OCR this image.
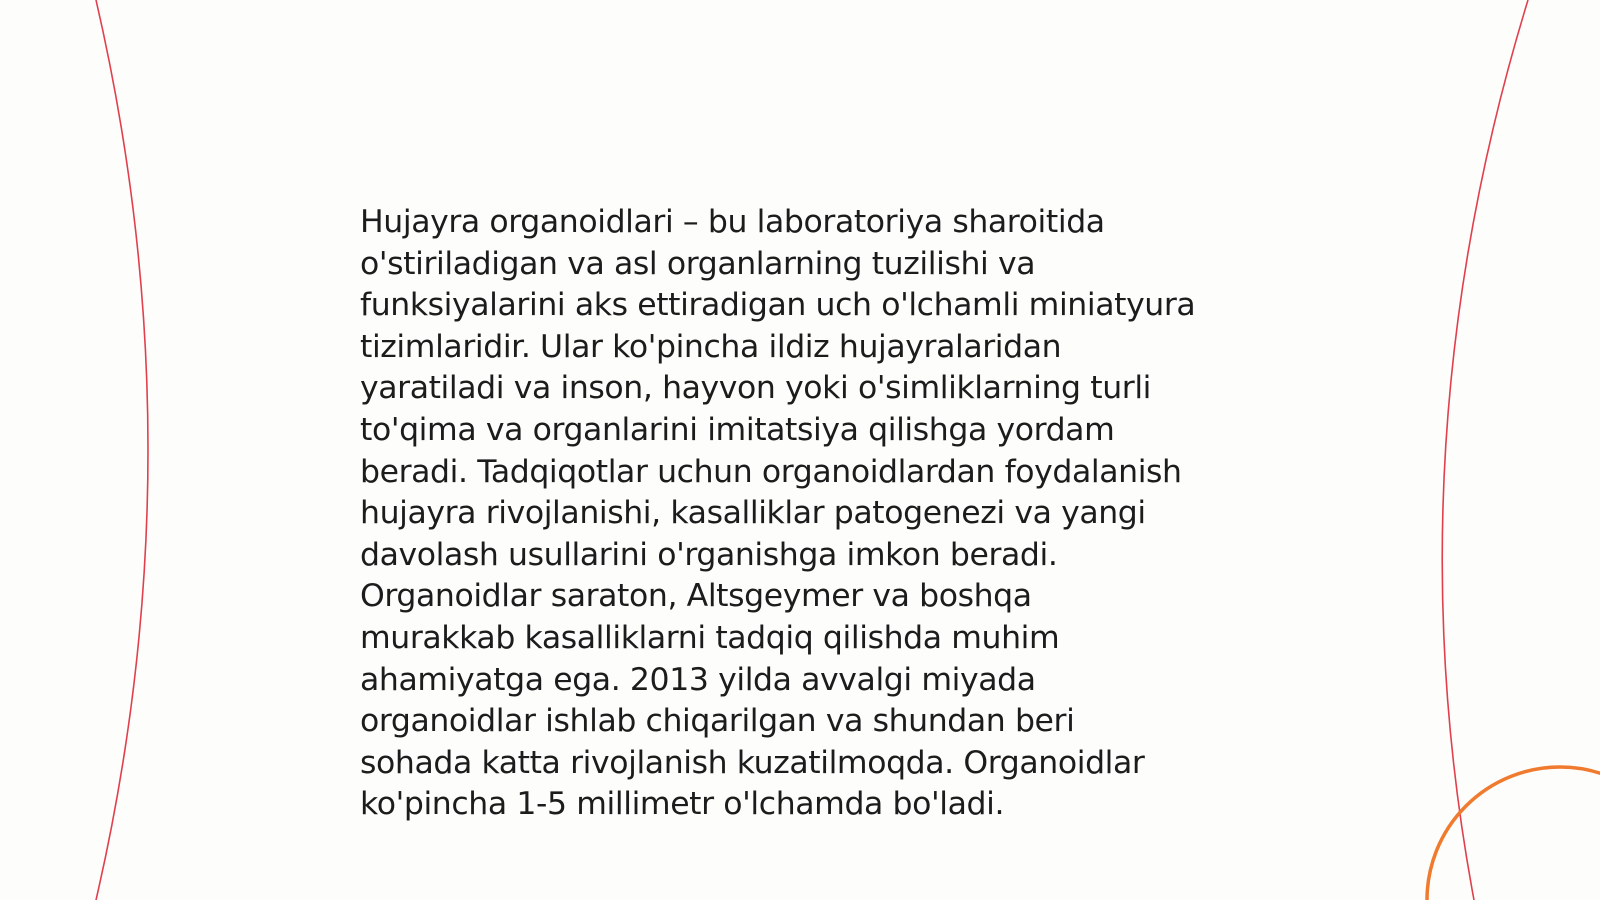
Hujayra organoidlari – bu laboratoriya sharoitida
o'stiriladigan va asl organlarning tuzilishi va
funksiyalarini aks ettiradigan uch o'lchamli miniatyura
tizimlaridir. Ular ko'pincha ildiz hujayralaridan
yaratiladi va inson, hayvon yoki o'simliklarning turli
to'qima va organlarini imitatsiya qilishga yordam
beradi. Tadqiqotlar uchun organoidlardan foydalanish
hujayra rivojlanishi, kasalliklar patogenezi va yangi
davolash usullarini o'rganishga imkon beradi.
Organoidlar saraton, Altsgeymer va boshqa
murakkab kasalliklarni tadqiq qilishda muhim
ahamiyatga ega. 2013 yilda avvalgi miyada
organoidlar ishlab chiqarilgan va shundan beri
sohada katta rivojlanish kuzatilmoqda. Organoidlar
ko'pincha 1-5 millimetr o'lchamda bo'ladi.
